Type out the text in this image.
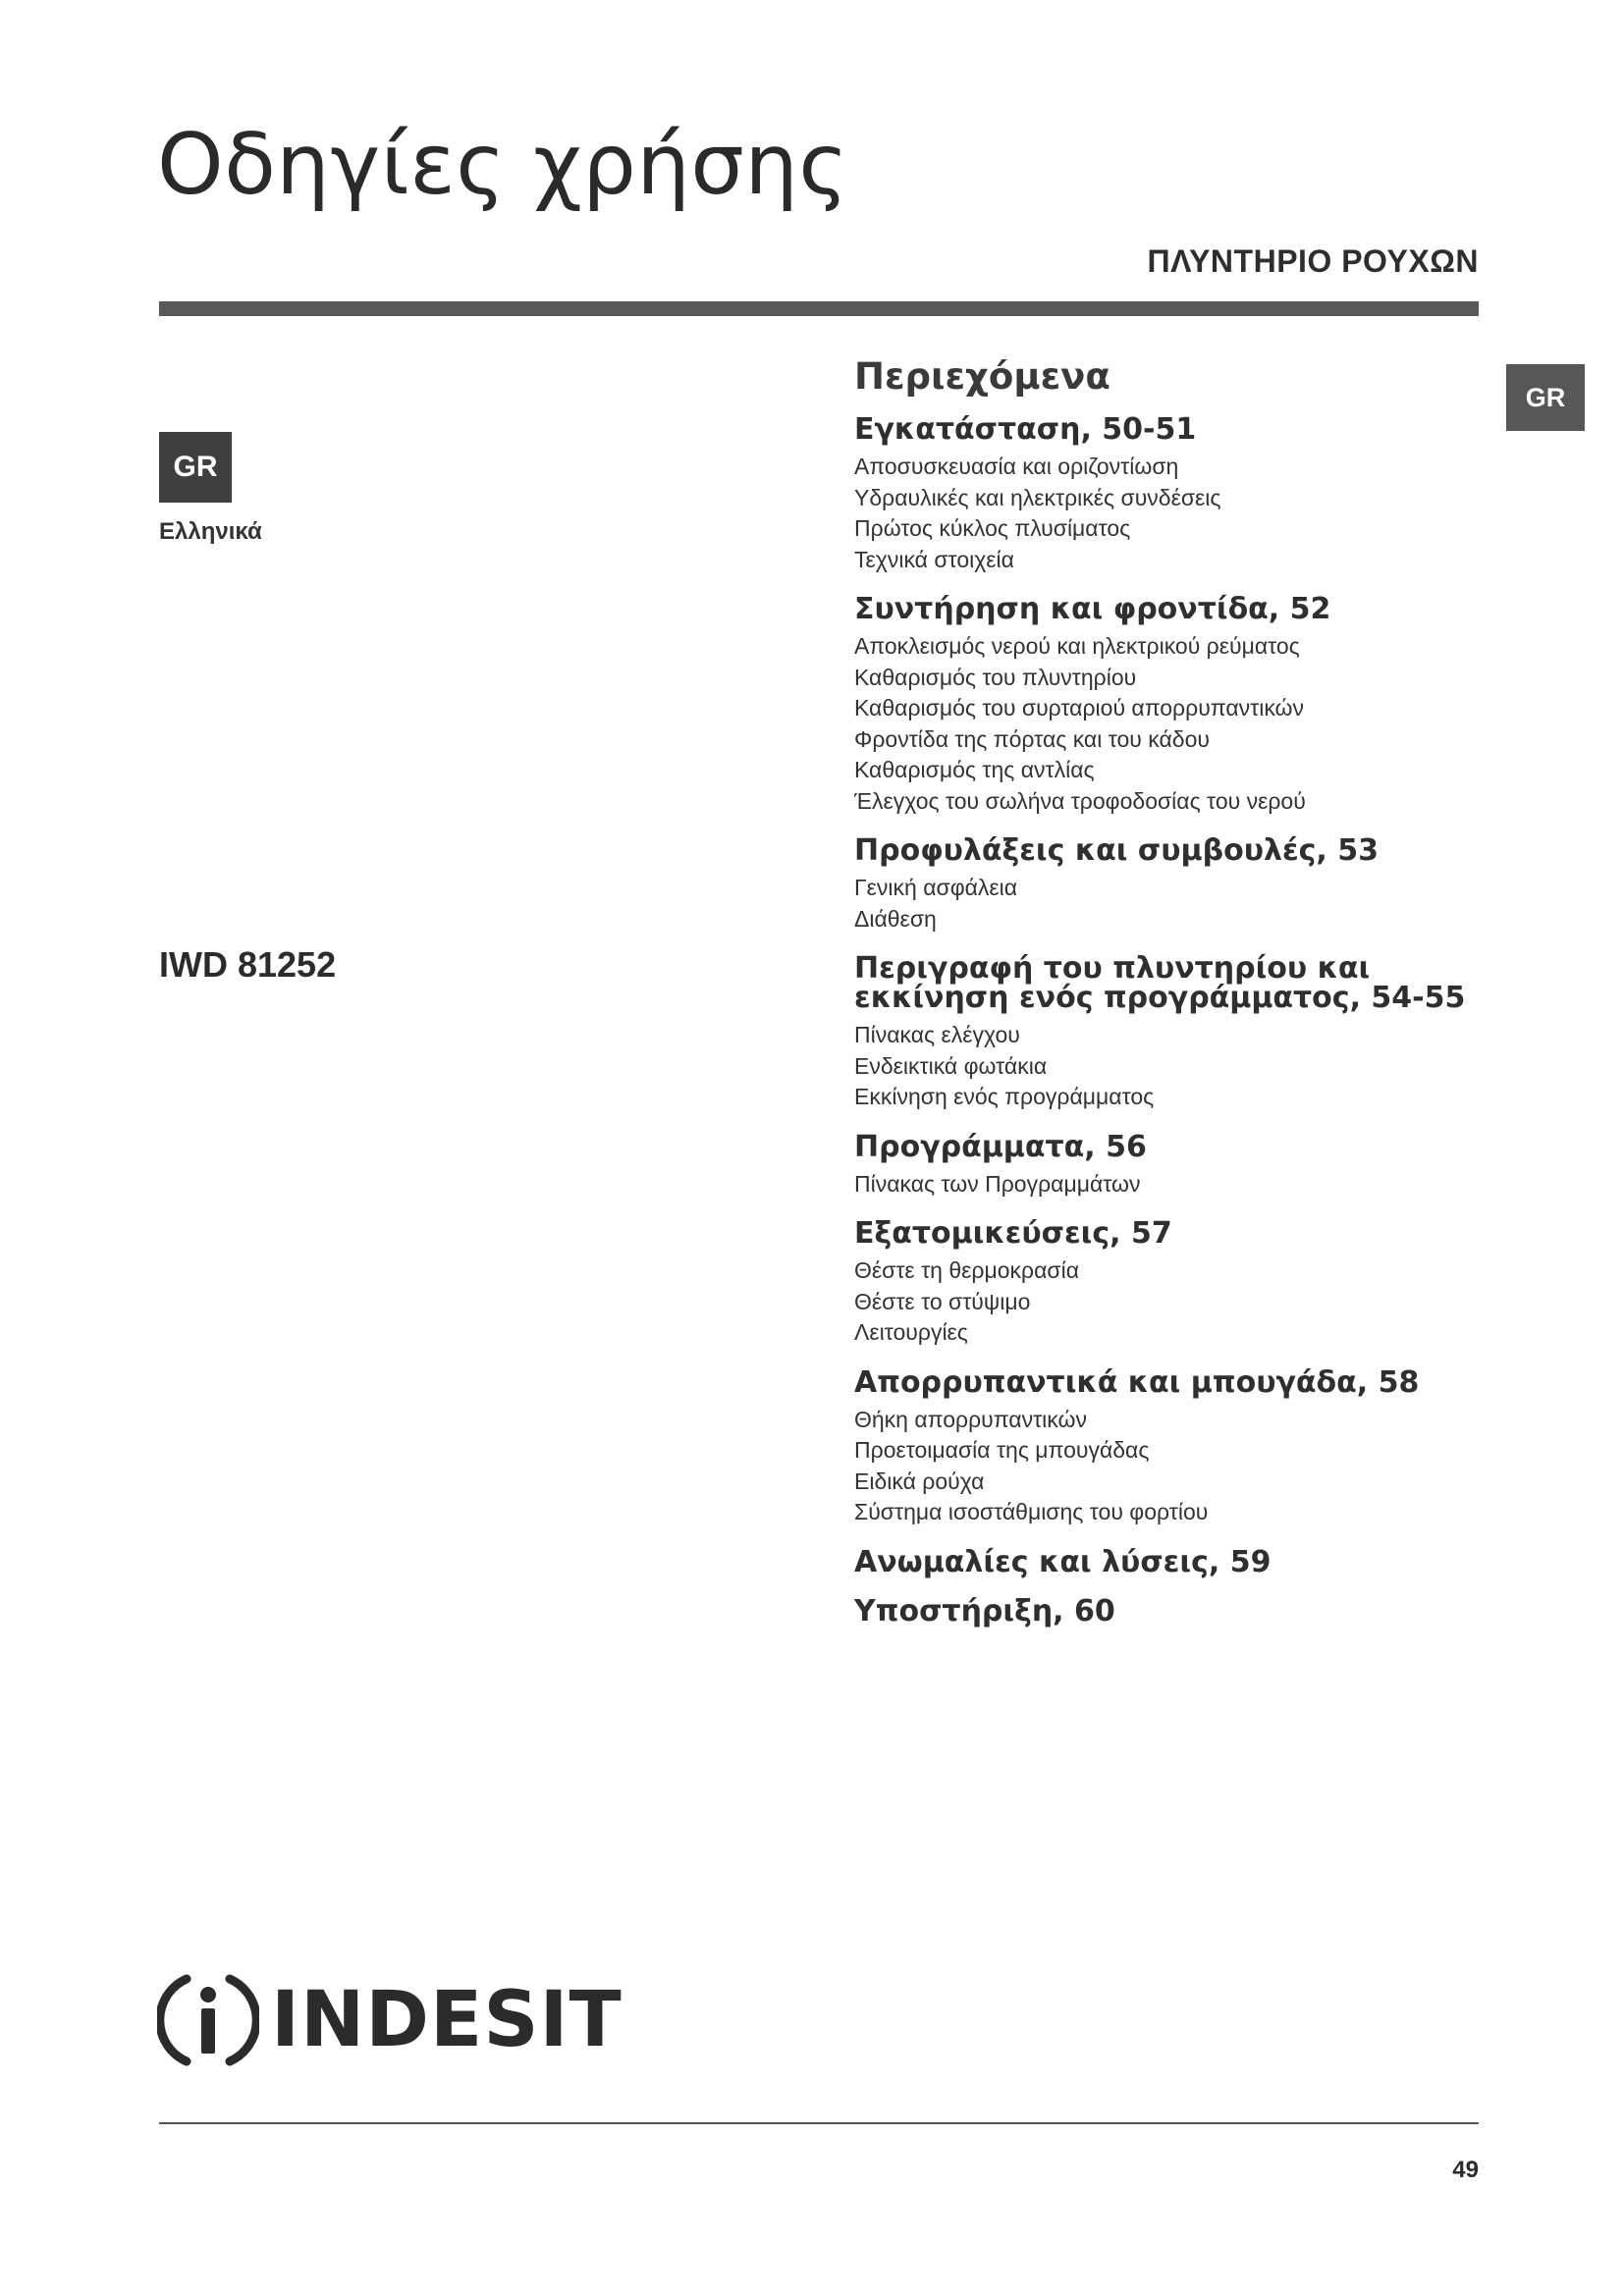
Οδηγίες χρήσης
ΠΛΥΝΤΗΡΙΟ ΡΟΥΧΩΝ
GR
Ελληνικά
IWD 81252
GR
Περιεχόμενα
Εγκατάσταση, 50-51
Αποσυσκευασία και οριζοντίωση
Υδραυλικές και ηλεκτρικές συνδέσεις
Πρώτος κύκλος πλυσίματος
Τεχνικά στοιχεία
Συντήρηση και φροντίδα, 52
Αποκλεισμός νερού και ηλεκτρικού ρεύματος
Καθαρισμός του πλυντηρίου
Καθαρισμός του συρταριού απορρυπαντικών
Φροντίδα της πόρτας και του κάδου
Καθαρισμός της αντλίας
Έλεγχος του σωλήνα τροφοδοσίας του νερού
Προφυλάξεις και συμβουλές, 53
Γενική ασφάλεια
Διάθεση
Περιγραφή του πλυντηρίου και εκκίνηση ενός προγράμματος, 54-55
Πίνακας ελέγχου
Ενδεικτικά φωτάκια
Εκκίνηση ενός προγράμματος
Προγράμματα, 56
Πίνακας των Προγραμμάτων
Εξατομικεύσεις, 57
Θέστε τη θερμοκρασία
Θέστε το στύψιμο
Λειτουργίες
Απορρυπαντικά και μπουγάδα, 58
Θήκη απορρυπαντικών
Προετοιμασία της μπουγάδας
Ειδικά ρούχα
Σύστημα ισοστάθμισης του φορτίου
Ανωμαλίες και λύσεις, 59
Υποστήριξη, 60
INDESIT
49
